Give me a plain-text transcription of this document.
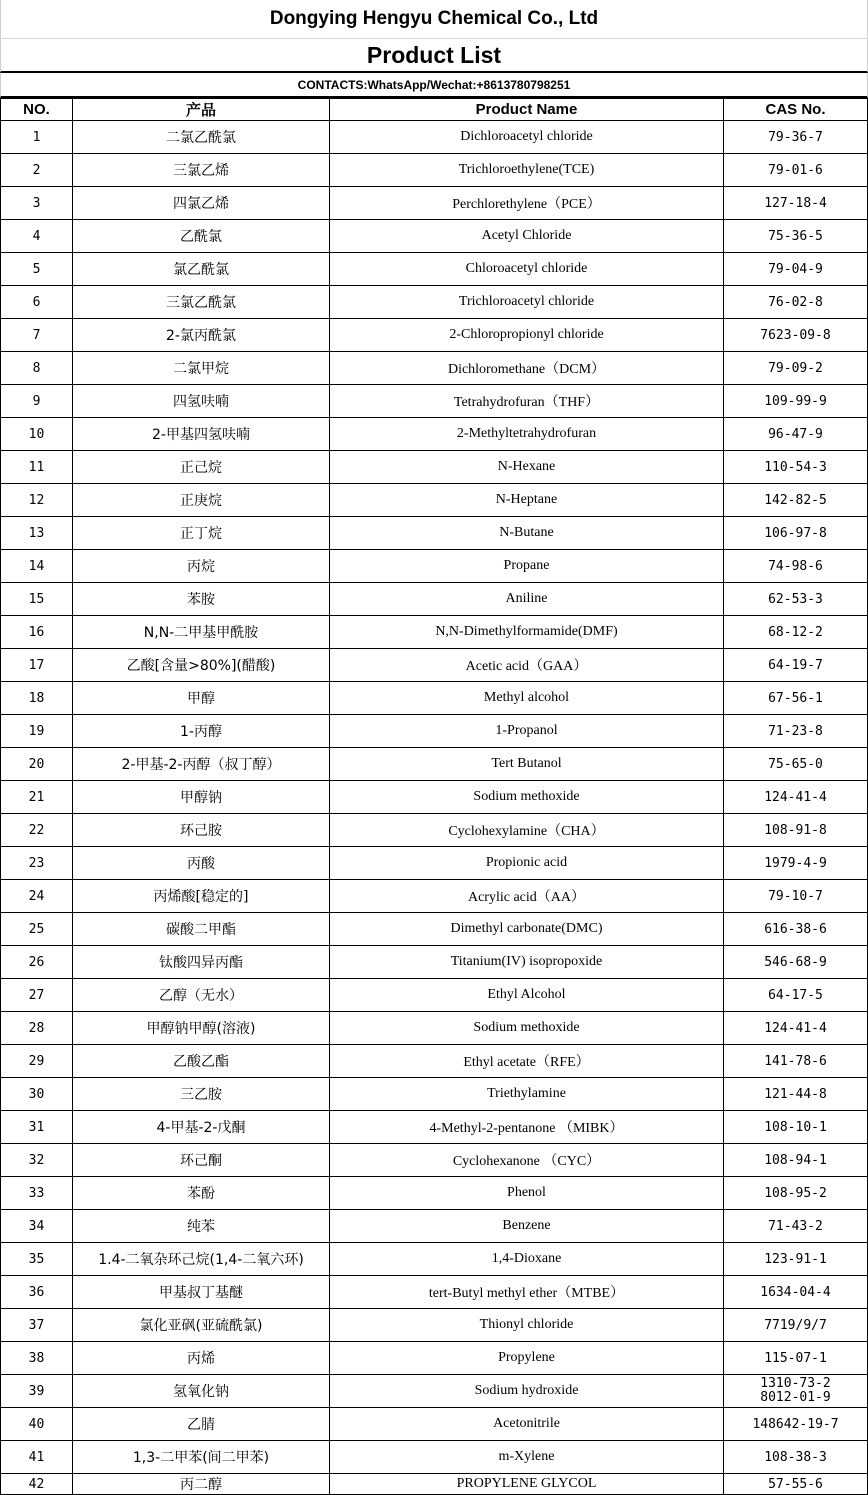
Dongying Hengyu Chemical Co., Ltd
Product List
CONTACTS:WhatsApp/Wechat:+8613780798251
NO.	产品	Product Name	CAS No.
1	二氯乙酰氯	Dichloroacetyl chloride	79-36-7
2	三氯乙烯	Trichloroethylene(TCE)	79-01-6
3	四氯乙烯	Perchlorethylene（PCE）	127-18-4
4	乙酰氯	Acetyl Chloride	75-36-5
5	氯乙酰氯	Chloroacetyl chloride	79-04-9
6	三氯乙酰氯	Trichloroacetyl chloride	76-02-8
7	2-氯丙酰氯	2-Chloropropionyl chloride	7623-09-8
8	二氯甲烷	Dichloromethane（DCM）	79-09-2
9	四氢呋喃	Tetrahydrofuran（THF）	109-99-9
10	2-甲基四氢呋喃	2-Methyltetrahydrofuran	96-47-9
11	正己烷	N-Hexane	110-54-3
12	正庚烷	N-Heptane	142-82-5
13	正丁烷	N-Butane	106-97-8
14	丙烷	Propane	74-98-6
15	苯胺	Aniline	62-53-3
16	N,N-二甲基甲酰胺	N,N-Dimethylformamide(DMF)	68-12-2
17	乙酸[含量>80%](醋酸)	Acetic acid（GAA）	64-19-7
18	甲醇	Methyl alcohol	67-56-1
19	1-丙醇	1-Propanol	71-23-8
20	2-甲基-2-丙醇（叔丁醇）	Tert Butanol	75-65-0
21	甲醇钠	Sodium methoxide	124-41-4
22	环己胺	Cyclohexylamine（CHA）	108-91-8
23	丙酸	Propionic acid	1979-4-9
24	丙烯酸[稳定的]	Acrylic acid（AA）	79-10-7
25	碳酸二甲酯	Dimethyl carbonate(DMC)	616-38-6
26	钛酸四异丙酯	Titanium(IV) isopropoxide	546-68-9
27	乙醇（无水）	Ethyl Alcohol	64-17-5
28	甲醇钠甲醇(溶液)	Sodium methoxide	124-41-4
29	乙酸乙酯	Ethyl acetate（RFE）	141-78-6
30	三乙胺	Triethylamine	121-44-8
31	4-甲基-2-戊酮	4-Methyl-2-pentanone （MIBK）	108-10-1
32	环己酮	Cyclohexanone （CYC）	108-94-1
33	苯酚	Phenol	108-95-2
34	纯苯	Benzene	71-43-2
35	1.4-二氧杂环己烷(1,4-二氧六环)	1,4-Dioxane	123-91-1
36	甲基叔丁基醚	tert-Butyl methyl ether（MTBE）	1634-04-4
37	氯化亚砜(亚硫酰氯)	Thionyl chloride	7719/9/7
38	丙烯	Propylene	115-07-1
39	氢氧化钠	Sodium hydroxide	1310-73-2
8012-01-9

40	乙腈	Acetonitrile	148642-19-7
41	1,3-二甲苯(间二甲苯)	m-Xylene	108-38-3
42	丙二醇	PROPYLENE GLYCOL	57-55-6
